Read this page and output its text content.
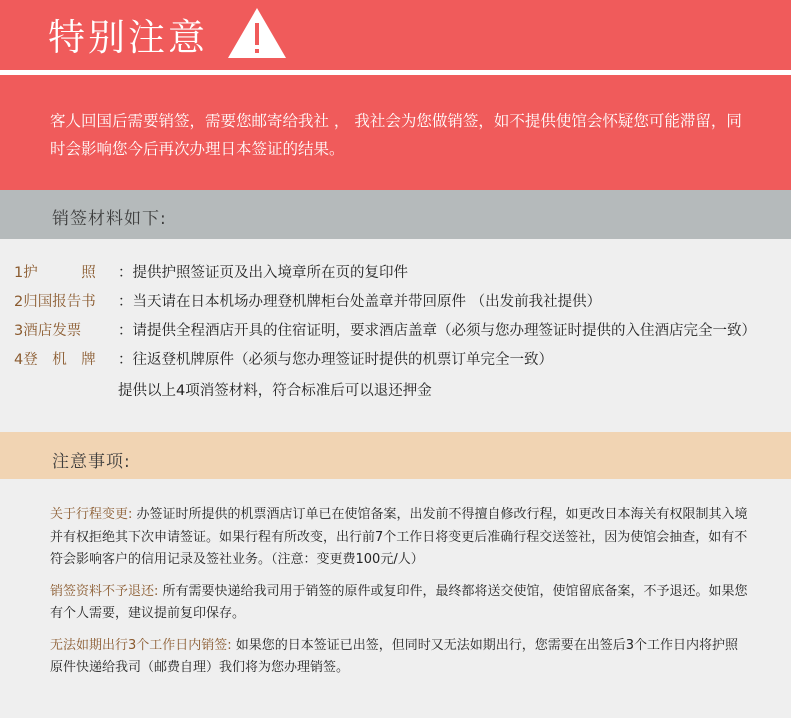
特别注意
客人回国后需要销签，需要您邮寄给我社 ， 我社会为您做销签，如不提供使馆会怀疑您可能滞留，同时会影响您今后再次办理日本签证的结果。
销签材料如下:
1护　　　照	：提供护照签证页及出入境章所在页的复印件
2归国报告书	：当天请在日本机场办理登机牌柜台处盖章并带回原件 （出发前我社提供）
3酒店发票	：请提供全程酒店开具的住宿证明，要求酒店盖章（必须与您办理签证时提供的入住酒店完全一致）
4登　机　牌	：往返登机牌原件（必须与您办理签证时提供的机票订单完全一致）
提供以上4项消签材料，符合标准后可以退还押金
注意事项:
关于行程变更: 办签证时所提供的机票酒店订单已在使馆备案，出发前不得擅自修改行程，如更改日本海关有权限制其入境并有权拒绝其下次申请签证。如果行程有所改变，出行前7个工作日将变更后准确行程交送签社，因为使馆会抽查，如有不符会影响客户的信用记录及签社业务。（注意：变更费100元/人）
销签资料不予退还: 所有需要快递给我司用于销签的原件或复印件，最终都将送交使馆，使馆留底备案，不予退还。如果您有个人需要，建议提前复印保存。
无法如期出行3个工作日内销签: 如果您的日本签证已出签，但同时又无法如期出行，您需要在出签后3个工作日内将护照原件快递给我司（邮费自理）我们将为您办理销签。
